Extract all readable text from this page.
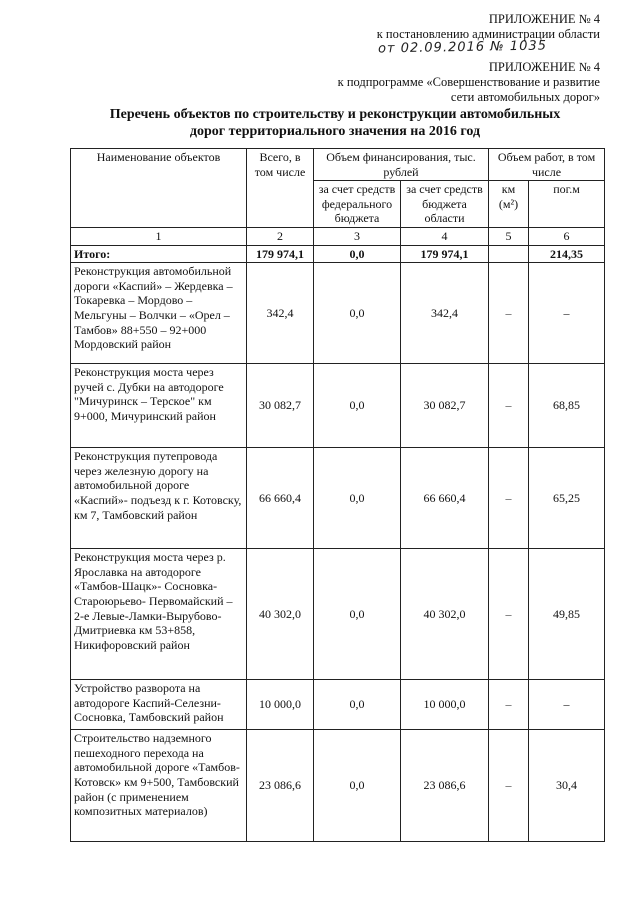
ПРИЛОЖЕНИЕ № 4
к постановлению администрации области
от 02.09.2016 № 1035
ПРИЛОЖЕНИЕ № 4
к подпрограмме «Совершенствование и развитие
сети автомобильных дорог»
Перечень объектов по строительству и реконструкции автомобильных
дорог территориального значения на 2016 год
Наименование объектов	Всего, в том числе	Объем финансирования, тыс. рублей		Объем работ, в том числе	
		за счет средств федерального бюджета	за счет средств бюджета области	км (м²)	пог.м
1	2	3	4	5	6
Итого:	179 974,1	0,0	179 974,1		214,35
Реконструкция автомобильной дороги «Каспий» – Жердевка – Токаревка – Мордово – Мельгуны – Волчки – «Орел – Тамбов» 88+550 – 92+000 Мордовский район	342,4	0,0	342,4	–	–
Реконструкция моста через ручей с. Дубки на автодороге "Мичуринск – Терское" км 9+000, Мичуринский район	30 082,7	0,0	30 082,7	–	68,85
Реконструкция путепровода через железную дорогу на автомобильной дороге «Каспий»- подъезд к г. Котовску, км 7, Тамбовский район	66 660,4	0,0	66 660,4	–	65,25
Реконструкция моста через р. Ярославка на автодороге «Тамбов-Шацк»- Сосновка-Староюрьево- Первомайский – 2-е Левые-Ламки-Вырубово- Дмитриевка км 53+858, Никифоровский район	40 302,0	0,0	40 302,0	–	49,85
Устройство разворота на автодороге Каспий-Селезни-Сосновка, Тамбовский район	10 000,0	0,0	10 000,0	–	–
Строительство надземного пешеходного перехода на автомобильной дороге «Тамбов-Котовск» км 9+500, Тамбовский район (с применением композитных материалов)	23 086,6	0,0	23 086,6	–	30,4
